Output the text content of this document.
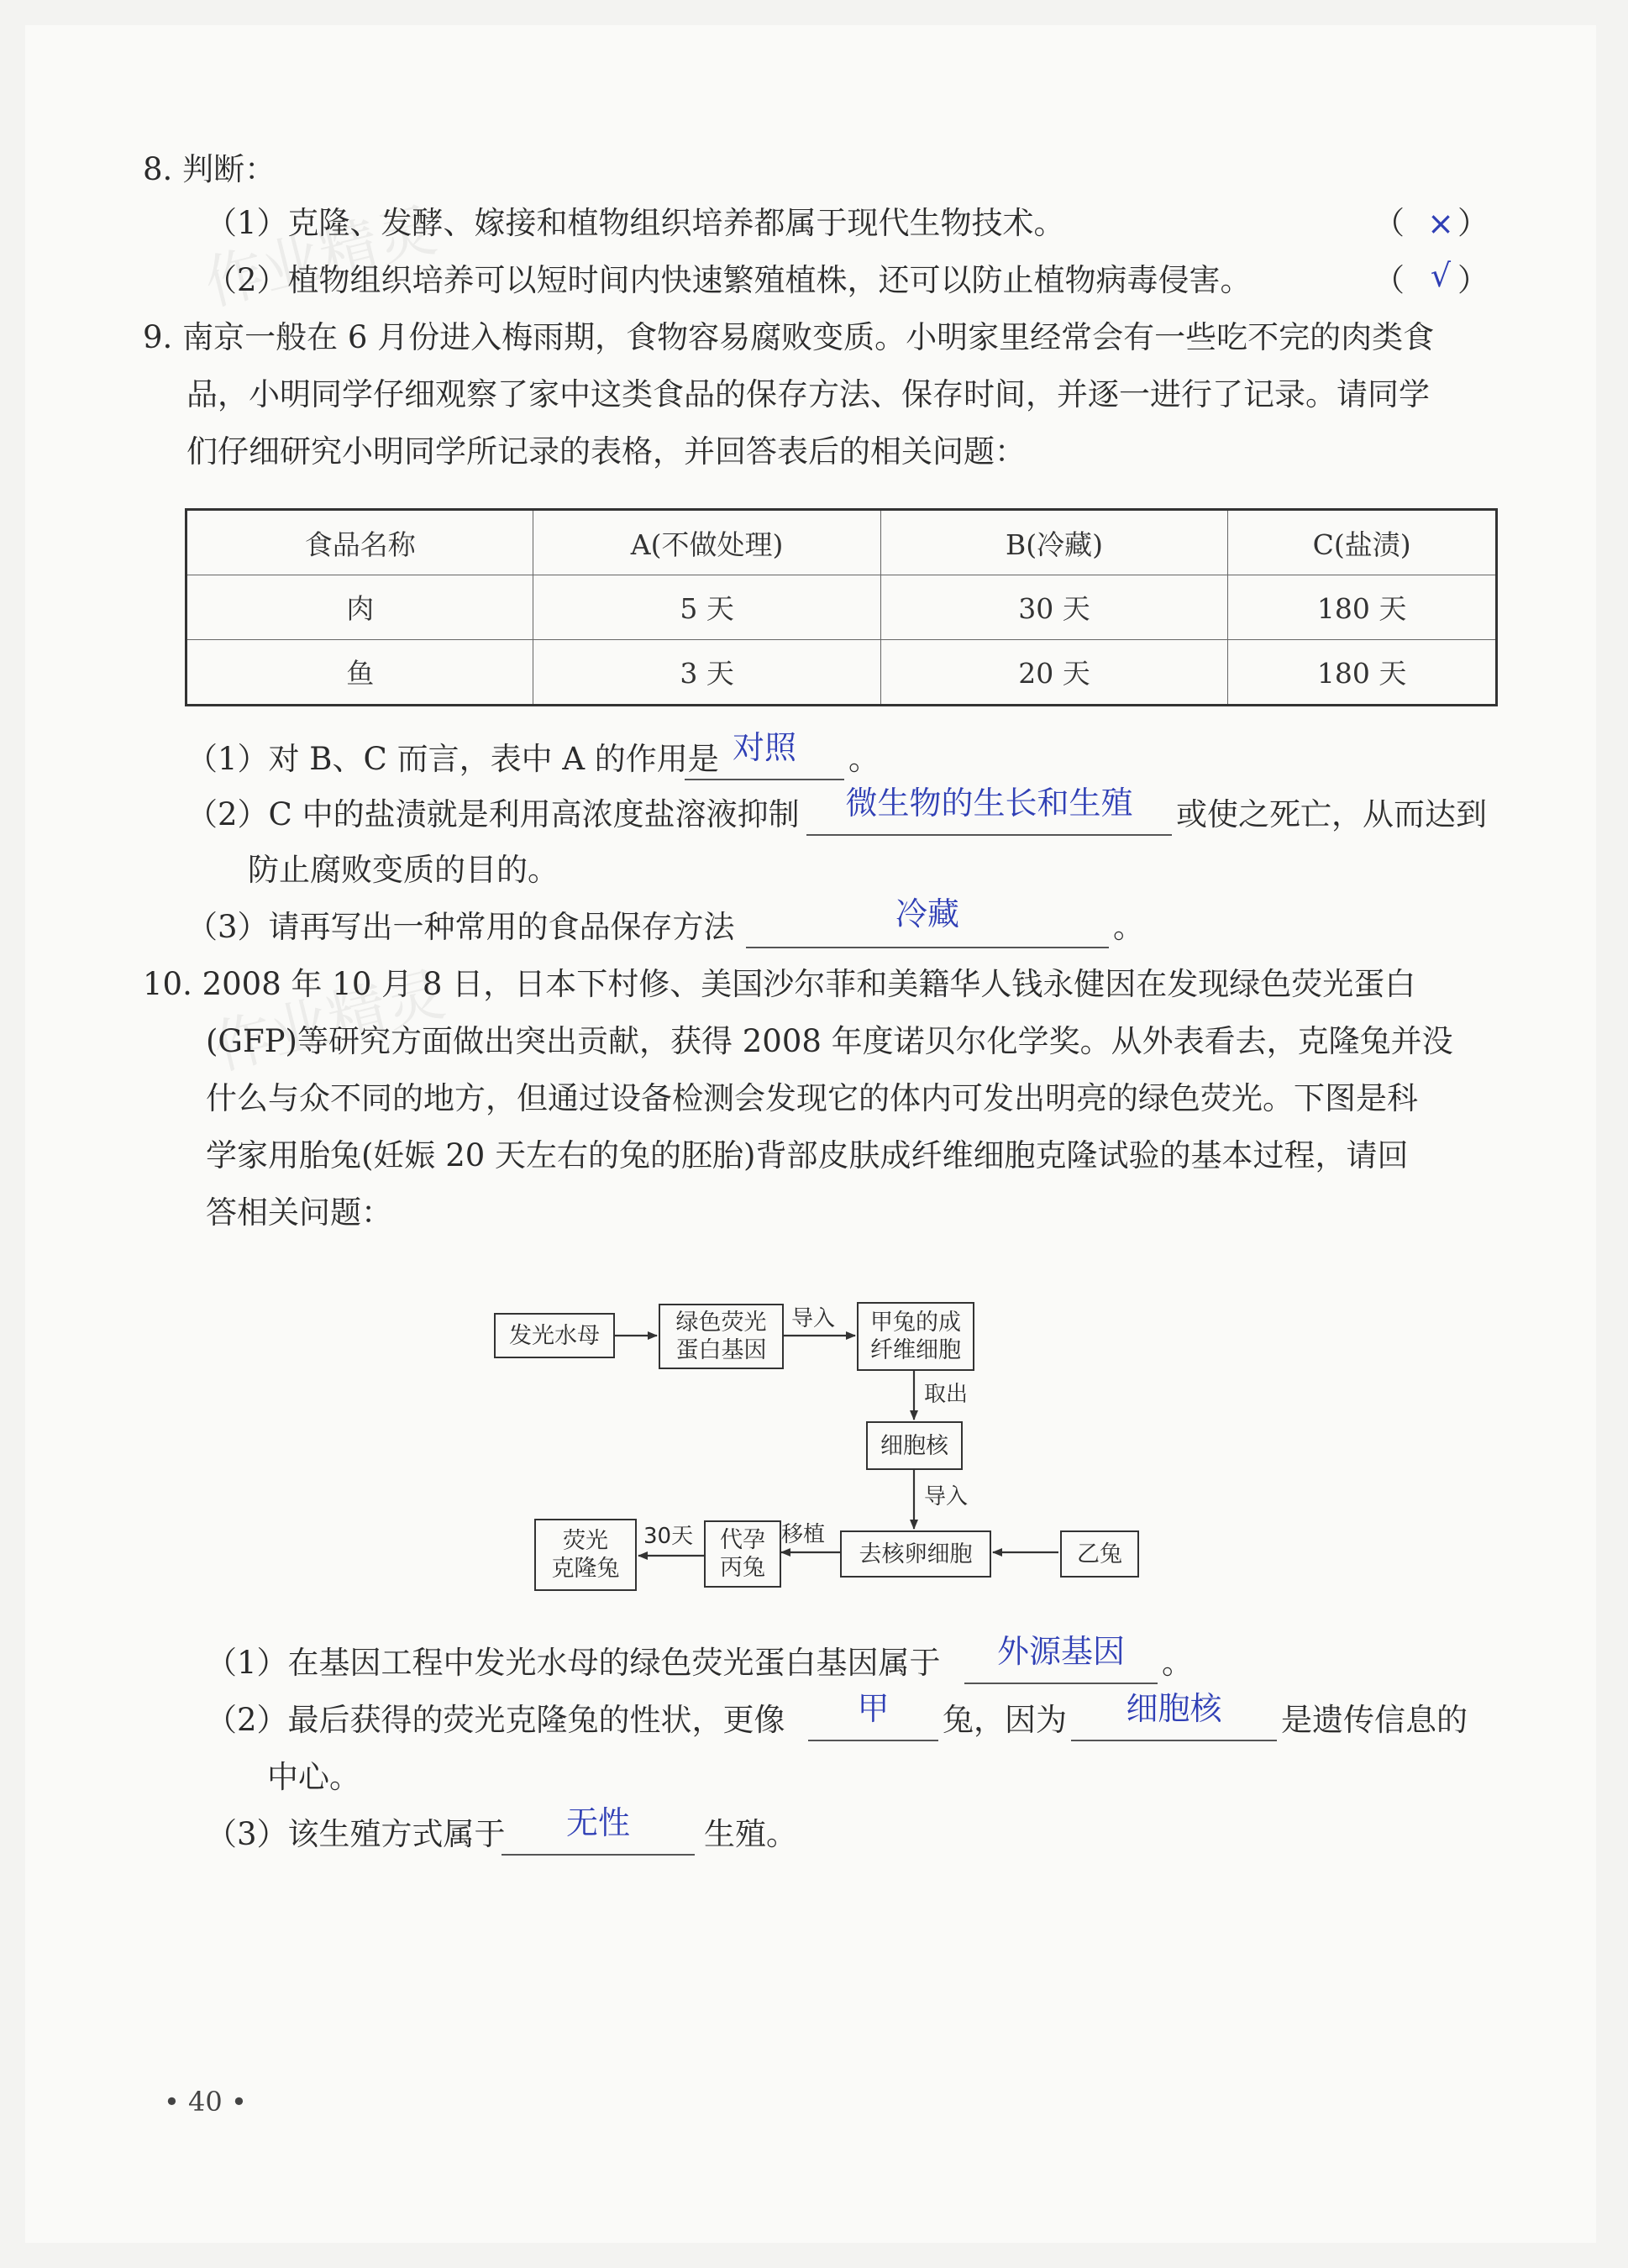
作业精灵
作业精灵
8. 判断：
（1）克隆、发酵、嫁接和植物组织培养都属于现代生物技术。	（ × ）
（2）植物组织培养可以短时间内快速繁殖植株，还可以防止植物病毒侵害。	（ √ ）
9. 南京一般在 6 月份进入梅雨期，食物容易腐败变质。小明家里经常会有一些吃不完的肉类食
品，小明同学仔细观察了家中这类食品的保存方法、保存时间，并逐一进行了记录。请同学
们仔细研究小明同学所记录的表格，并回答表后的相关问题：
食品名称	A(不做处理)	B(冷藏)	C(盐渍)
肉	5 天	30 天	180 天
鱼	3 天	20 天	180 天
（1）对 B、C 而言，表中 A 的作用是 对照	。
（2）C 中的盐渍就是利用高浓度盐溶液抑制	微生物的生长和生殖	或使之死亡，从而达到
防止腐败变质的目的。
（3）请再写出一种常用的食品保存方法	冷藏	。
10. 2008 年 10 月 8 日，日本下村修、美国沙尔菲和美籍华人钱永健因在发现绿色荧光蛋白
(GFP)等研究方面做出突出贡献，获得 2008 年度诺贝尔化学奖。从外表看去，克隆兔并没
什么与众不同的地方，但通过设备检测会发现它的体内可发出明亮的绿色荧光。下图是科
学家用胎兔(妊娠 20 天左右的兔的胚胎)背部皮肤成纤维细胞克隆试验的基本过程，请回
答相关问题：
发光水母	绿色荧光
蛋白基因
导入 甲兔的成
纤维细胞
取出
细胞核
导入
去核卵细胞	乙兔
移植
代孕
丙兔
30天
荧光
克隆兔
（1）在基因工程中发光水母的绿色荧光蛋白基因属于	外源基因	。
（2）最后获得的荧光克隆兔的性状，更像	甲	兔，因为	细胞核	是遗传信息的
中心。
（3）该生殖方式属于	无性	生殖。
• 40 •
